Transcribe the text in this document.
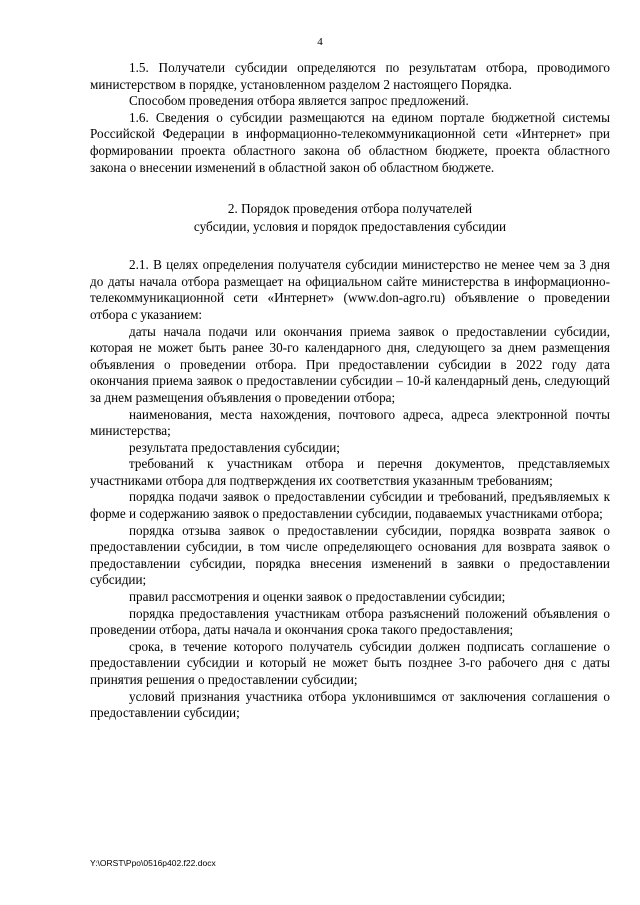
4

1.5. Получатели субсидии определяются по результатам отбора, проводимого министерством в порядке, установленном разделом 2 настоящего Порядка.

Способом проведения отбора является запрос предложений.

1.6. Сведения о субсидии размещаются на едином портале бюджетной системы Российской Федерации в информационно-телекоммуникационной сети «Интернет» при формировании проекта областного закона об областном бюджете, проекта областного закона о внесении изменений в областной закон об областном бюджете.

2. Порядок проведения отбора получателей
субсидии, условия и порядок предоставления субсидии

2.1. В целях определения получателя субсидии министерство не менее чем за 3 дня до даты начала отбора размещает на официальном сайте министерства в информационно-телекоммуникационной сети «Интернет» (www.don-agro.ru) объявление о проведении отбора с указанием:

даты начала подачи или окончания приема заявок о предоставлении субсидии, которая не может быть ранее 30-го календарного дня, следующего за днем размещения объявления о проведении отбора. При предоставлении субсидии в 2022 году дата окончания приема заявок о предоставлении субсидии – 10-й календарный день, следующий за днем размещения объявления о проведении отбора;

наименования, места нахождения, почтового адреса, адреса электронной почты министерства;

результата предоставления субсидии;

требований к участникам отбора и перечня документов, представляемых участниками отбора для подтверждения их соответствия указанным требованиям;

порядка подачи заявок о предоставлении субсидии и требований, предъявляемых к форме и содержанию заявок о предоставлении субсидии, подаваемых участниками отбора;

порядка отзыва заявок о предоставлении субсидии, порядка возврата заявок о предоставлении субсидии, в том числе определяющего основания для возврата заявок о предоставлении субсидии, порядка внесения изменений в заявки о предоставлении субсидии;

правил рассмотрения и оценки заявок о предоставлении субсидии;

порядка предоставления участникам отбора разъяснений положений объявления о проведении отбора, даты начала и окончания срока такого предоставления;

срока, в течение которого получатель субсидии должен подписать соглашение о предоставлении субсидии и который не может быть позднее 3-го рабочего дня с даты принятия решения о предоставлении субсидии;

условий признания участника отбора уклонившимся от заключения соглашения о предоставлении субсидии;

Y:\ORST\Ppo\0516p402.f22.docx
